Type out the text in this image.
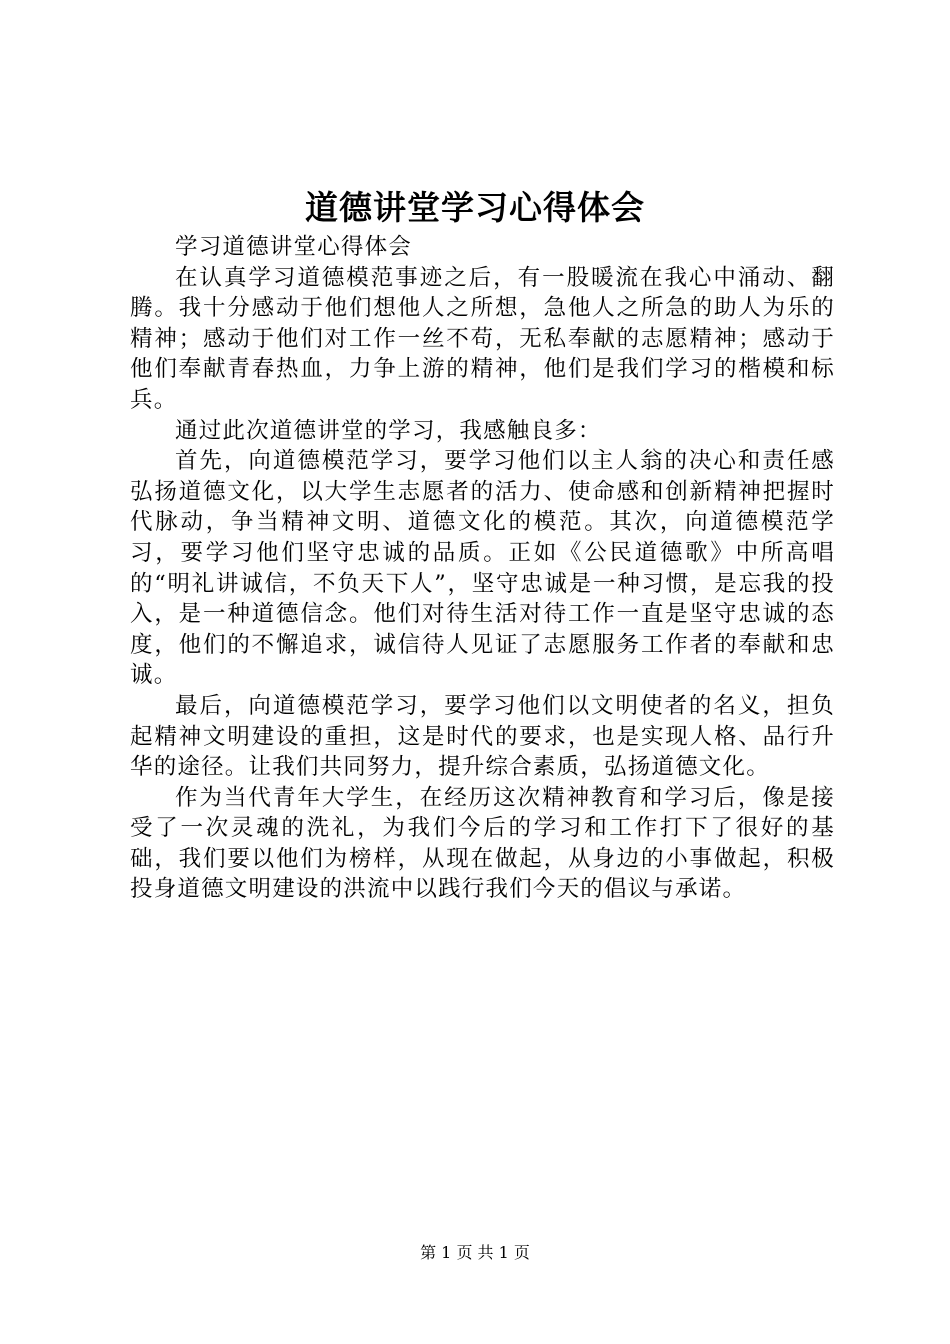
道德讲堂学习心得体会

学习道德讲堂心得体会

在认真学习道德模范事迹之后，有一股暖流在我心中涌动、翻腾。我十分感动于他们想他人之所想，急他人之所急的助人为乐的精神；感动于他们对工作一丝不苟，无私奉献的志愿精神；感动于他们奉献青春热血，力争上游的精神，他们是我们学习的楷模和标兵。

通过此次道德讲堂的学习，我感触良多：

首先，向道德模范学习，要学习他们以主人翁的决心和责任感弘扬道德文化，以大学生志愿者的活力、使命感和创新精神把握时代脉动，争当精神文明、道德文化的模范。其次，向道德模范学习，要学习他们坚守忠诚的品质。正如《公民道德歌》中所高唱的“明礼讲诚信，不负天下人”，坚守忠诚是一种习惯，是忘我的投入，是一种道德信念。他们对待生活对待工作一直是坚守忠诚的态度，他们的不懈追求，诚信待人见证了志愿服务工作者的奉献和忠诚。

最后，向道德模范学习，要学习他们以文明使者的名义，担负起精神文明建设的重担，这是时代的要求，也是实现人格、品行升华的途径。让我们共同努力，提升综合素质，弘扬道德文化。

作为当代青年大学生，在经历这次精神教育和学习后，像是接受了一次灵魂的洗礼，为我们今后的学习和工作打下了很好的基础，我们要以他们为榜样，从现在做起，从身边的小事做起，积极投身道德文明建设的洪流中以践行我们今天的倡议与承诺。

第 1 页 共 1 页
